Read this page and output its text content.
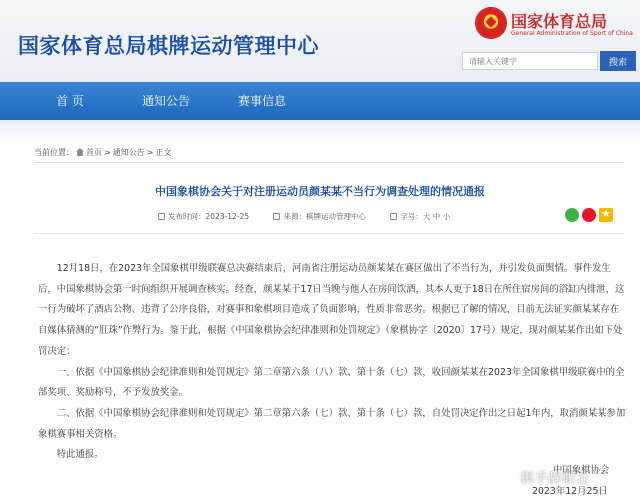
国家体育总局棋牌运动管理中心
国家体育总局
General Administration of Sport of China
请输入关键字
搜索
首 页	通知公告	赛事信息
当前位置： 首页 > 通知公告 > 正文
中国象棋协会关于对注册运动员颜某某不当行为调查处理的情况通报
发布时间：2023-12-25	来源：棋牌运动管理中心	字号：大 中 小
★

12月18日，在2023年全国象棋甲级联赛总决赛结束后，河南省注册运动员颜某某在赛区做出了不当行为，并引发负面舆情。事件发生后，中国象棋协会第一时间组织开展调查核实。经查，颜某某于17日当晚与他人在房间饮酒，其本人更于18日在所住宿房间的浴缸内排泄，这一行为破坏了酒店公物、违背了公序良俗，对赛事和象棋项目造成了负面影响，性质非常恶劣。根据已了解的情况，目前无法证实颜某某存在自媒体猜测的“肛珠”作弊行为。鉴于此，根据《中国象棋协会纪律准则和处罚规定》（象棋协字〔2020〕17号）规定，现对颜某某作出如下处罚决定：

一、依据《中国象棋协会纪律准则和处罚规定》第二章第六条（八）款、第十条（七）款，收回颜某某在2023年全国象棋甲级联赛中的全部奖项、奖励称号，不予发放奖金。

二、依据《中国象棋协会纪律准则和处罚规定》第二章第六条（七）款、第十条（七）款，自处罚决定作出之日起1年内，取消颜某某参加象棋赛事相关资格。

特此通报。

中国象棋协会
2023年12月25日
棋手辞职在
